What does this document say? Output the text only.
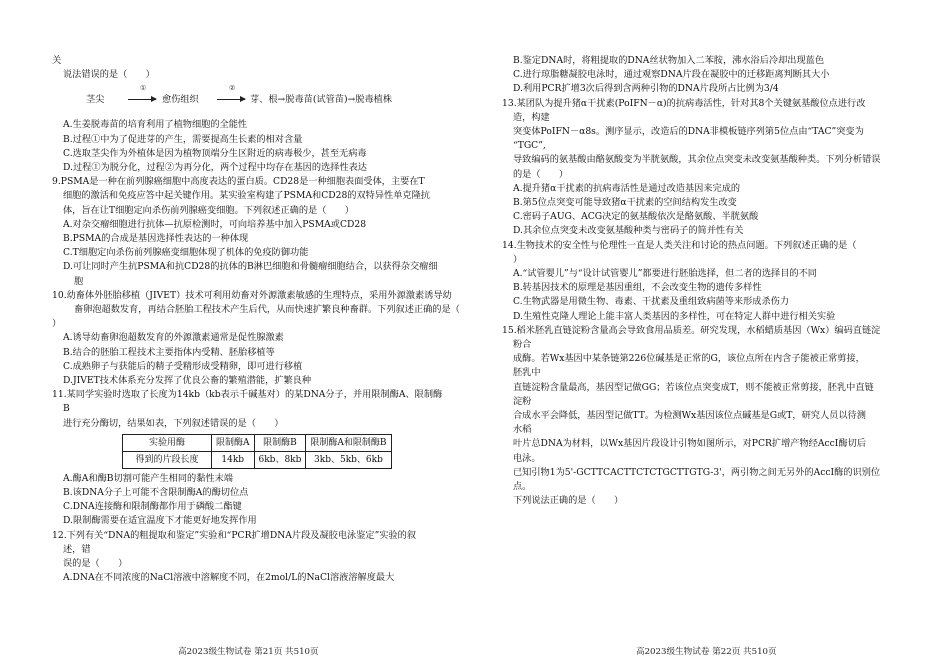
关
说法错误的是（　　）
茎尖
①
愈伤组织
②
芽、根→脱毒苗(试管苗)→脱毒植株
A.生姜脱毒苗的培育利用了植物细胞的全能性
B.过程①中为了促进芽的产生，需要提高生长素的相对含量
C.选取茎尖作为外植体是因为植物顶端分生区附近的病毒极少，甚至无病毒
D.过程①为脱分化，过程②为再分化，两个过程中均存在基因的选择性表达
9.PSMA是一种在前列腺癌细胞中高度表达的蛋白质。CD28是一种细胞表面受体，主要在T
细胞的激活和免疫应答中起关键作用。某实验室构建了PSMA和CD28的双特异性单克隆抗
体，旨在让T细胞定向杀伤前列腺癌变细胞。下列叙述正确的是（　　）
A.对杂交瘤细胞进行抗体—抗原检测时，可向培养基中加入PSMA或CD28
B.PSMA的合成是基因选择性表达的一种体现
C.T细胞定向杀伤前列腺癌变细胞体现了机体的免疫防御功能
D.可让同时产生抗PSMA和抗CD28的抗体的B淋巴细胞和骨髓瘤细胞结合，以获得杂交瘤细
胞
10.幼畜体外胚胎移植（JIVET）技术可利用幼畜对外源激素敏感的生理特点，采用外源激素诱导幼
畜卵泡超数发育，再结合胚胎工程技术产生后代，从而快速扩繁良种畜群。下列叙述正确的是（
）
A.诱导幼畜卵泡超数发育的外源激素通常是促性腺激素
B.结合的胚胎工程技术主要指体内受精、胚胎移植等
C.成熟卵子与获能后的精子受精形成受精卵，即可进行移植
D.JIVET技术体系充分发挥了优良公畜的繁殖潜能，扩繁良种
11.某同学实验时选取了长度为14kb（kb表示千碱基对）的某DNA分子，并用限制酶A、限制酶
B
进行充分酶切，结果如表，下列叙述错误的是（　　）
实验用酶	限制酶A	限制酶B	限制酶A和限制酶B
得到的片段长度	14kb	6kb、8kb	3kb、5kb、6kb
A.酶A和酶B切割可能产生相同的黏性末端
B.该DNA分子上可能不含限制酶A的酶切位点
C.DNA连接酶和限制酶都作用于磷酸二酯键
D.限制酶需要在适宜温度下才能更好地发挥作用
12.下列有关“DNA的粗提取和鉴定”实验和“PCR扩增DNA片段及凝胶电泳鉴定”实验的叙
述，错
误的是（　　）
A.DNA在不同浓度的NaCl溶液中溶解度不同，在2mol/L的NaCl溶液溶解度最大
B.鉴定DNA时，将粗提取的DNA丝状物加入二苯胺，沸水浴后冷却出现蓝色
C.进行琼脂糖凝胶电泳时，通过观察DNA片段在凝胶中的迁移距离判断其大小
D.利用PCR扩增3次后得到含两种引物的DNA片段所占比例为3/4
13.某团队为提升猪α干扰素(PoIFN－α)的抗病毒活性，针对其8个关键氨基酸位点进行改
造，构建
突变体PoIFN－α8s。测序显示，改造后的DNA非模板链序列第5位点由“TAC”突变为
“TGC”,
导致编码的氨基酸由酪氨酸变为半胱氨酸，其余位点突变未改变氨基酸种类。下列分析错误
的是（　　）
A.提升猪α干扰素的抗病毒活性是通过改造基因来完成的
B.第5位点突变可能导致猪α干扰素的空间结构发生改变
C.密码子AUG、ACG决定的氨基酸依次是酪氨酸、半胱氨酸
D.其余位点突变未改变氨基酸种类与密码子的简并性有关
14.生物技术的安全性与伦理性一直是人类关注和讨论的热点问题。下列叙述正确的是（
）
A.“试管婴儿”与“设计试管婴儿”都要进行胚胎选择，但二者的选择目的不同
B.转基因技术的原理是基因重组，不会改变生物的遗传多样性
C.生物武器是用微生物、毒素、干扰素及重组致病菌等来形成杀伤力
D.生殖性克隆人理论上能丰富人类基因的多样性，可在特定人群中进行相关实验
15.稻米胚乳直链淀粉含量高会导致食用品质差。研究发现，水稻蜡质基因（Wx）编码直链淀
粉合
成酶。若Wx基因中某条链第226位碱基是正常的G，该位点所在内含子能被正常剪接，
胚乳中
直链淀粉含量最高，基因型记做GG；若该位点突变成T，则不能被正常剪接，胚乳中直链
淀粉
合成水平会降低，基因型记做TT。为检测Wx基因该位点碱基是G或T，研究人员以待测
水稻
叶片总DNA为材料，以Wx基因片段设计引物如图所示，对PCR扩增产物经AccⅠ酶切后
电泳。
已知引物1为5'-GCTTCACTTCTCTGCTTGTG-3'，两引物之间无另外的AccⅠ酶的识别位
点。
下列说法正确的是（　　）
高2023级生物试卷 第21页 共510页	高2023级生物试卷 第22页 共510页
